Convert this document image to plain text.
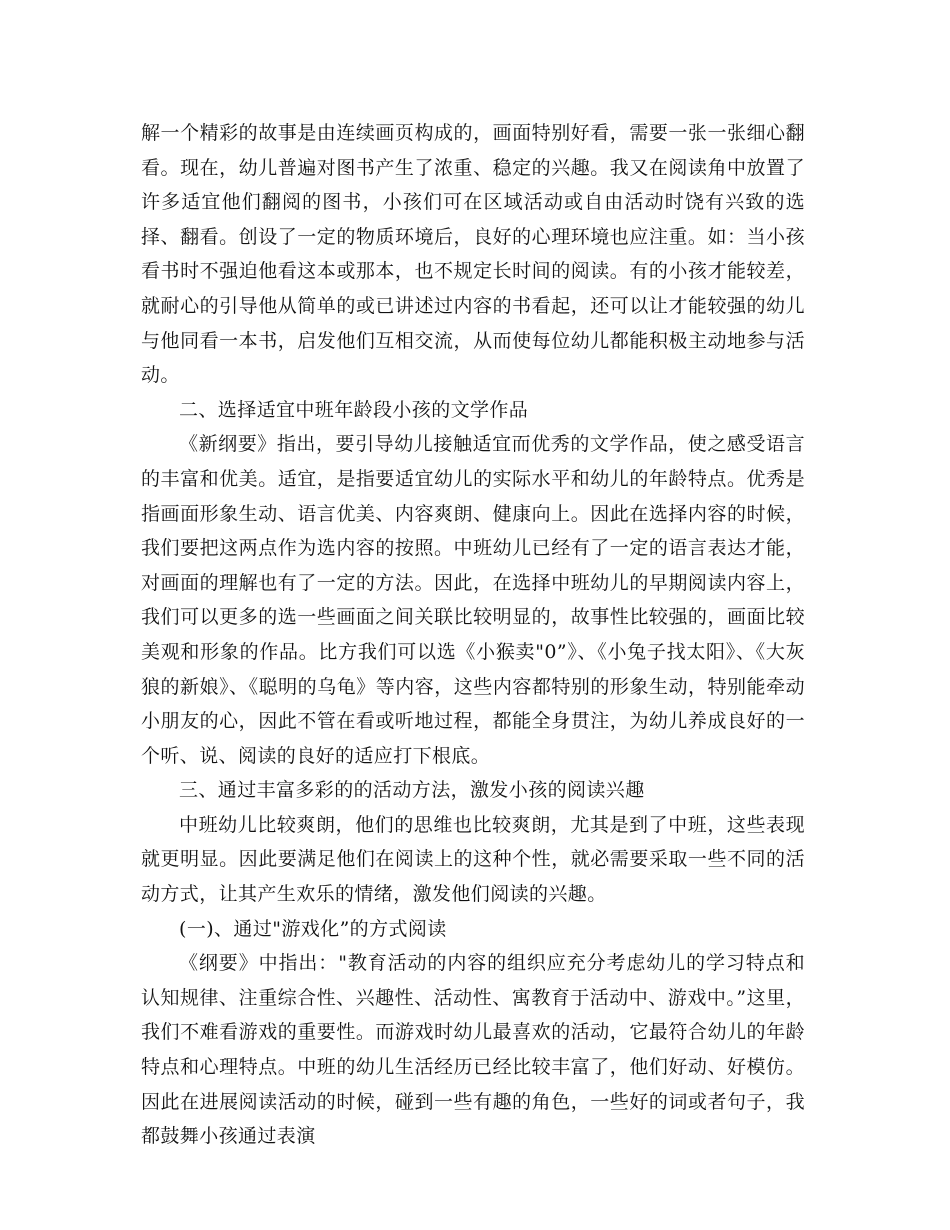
解一个精彩的故事是由连续画页构成的，画面特别好看，需要一张一张细心翻看。现在，幼儿普遍对图书产生了浓重、稳定的兴趣。我又在阅读角中放置了许多适宜他们翻阅的图书，小孩们可在区域活动或自由活动时饶有兴致的选择、翻看。创设了一定的物质环境后，良好的心理环境也应注重。如：当小孩看书时不强迫他看这本或那本，也不规定长时间的阅读。有的小孩才能较差，就耐心的引导他从简单的或已讲述过内容的书看起，还可以让才能较强的幼儿与他同看一本书，启发他们互相交流，从而使每位幼儿都能积极主动地参与活动。

二、选择适宜中班年龄段小孩的文学作品

《新纲要》指出，要引导幼儿接触适宜而优秀的文学作品，使之感受语言的丰富和优美。适宜，是指要适宜幼儿的实际水平和幼儿的年龄特点。优秀是指画面形象生动、语言优美、内容爽朗、健康向上。因此在选择内容的时候，我们要把这两点作为选内容的按照。中班幼儿已经有了一定的语言表达才能，对画面的理解也有了一定的方法。因此，在选择中班幼儿的早期阅读内容上，我们可以更多的选一些画面之间关联比较明显的，故事性比较强的，画面比较美观和形象的作品。比方我们可以选《小猴卖"0”》、《小兔子找太阳》、《大灰狼的新娘》、《聪明的乌龟》等内容，这些内容都特别的形象生动，特别能牵动小朋友的心，因此不管在看或听地过程，都能全身贯注，为幼儿养成良好的一个听、说、阅读的良好的适应打下根底。

三、通过丰富多彩的的活动方法，激发小孩的阅读兴趣

中班幼儿比较爽朗，他们的思维也比较爽朗，尤其是到了中班，这些表现就更明显。因此要满足他们在阅读上的这种个性，就必需要采取一些不同的活动方式，让其产生欢乐的情绪，激发他们阅读的兴趣。

(一)、通过"游戏化”的方式阅读

《纲要》中指出："教育活动的内容的组织应充分考虑幼儿的学习特点和认知规律、注重综合性、兴趣性、活动性、寓教育于活动中、游戏中。”这里，我们不难看游戏的重要性。而游戏时幼儿最喜欢的活动，它最符合幼儿的年龄特点和心理特点。中班的幼儿生活经历已经比较丰富了，他们好动、好模仿。因此在进展阅读活动的时候，碰到一些有趣的角色，一些好的词或者句子，我都鼓舞小孩通过表演
